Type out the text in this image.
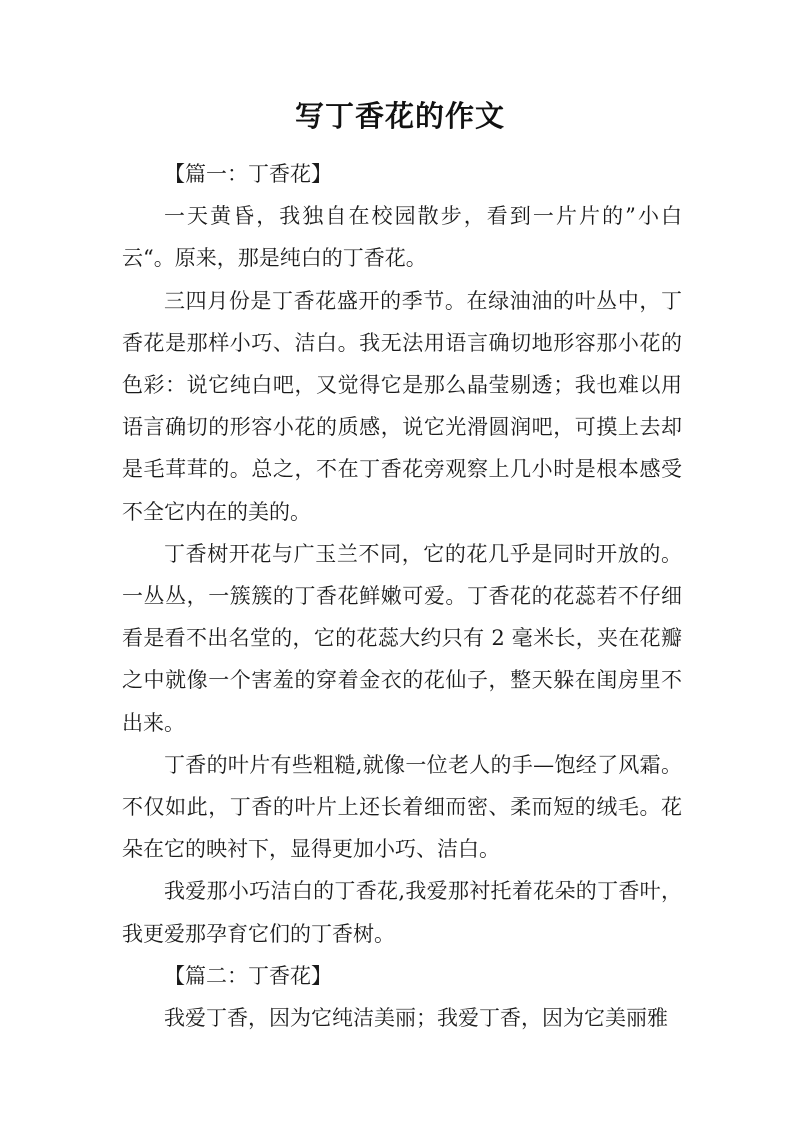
写丁香花的作文

【篇一：丁香花】

一天黄昏，我独自在校园散步，看到一片片的”小白云“。原来，那是纯白的丁香花。

三四月份是丁香花盛开的季节。在绿油油的叶丛中，丁香花是那样小巧、洁白。我无法用语言确切地形容那小花的色彩：说它纯白吧，又觉得它是那么晶莹剔透；我也难以用语言确切的形容小花的质感，说它光滑圆润吧，可摸上去却是毛茸茸的。总之，不在丁香花旁观察上几小时是根本感受不全它内在的美的。

丁香树开花与广玉兰不同，它的花几乎是同时开放的。一丛丛，一簇簇的丁香花鲜嫩可爱。丁香花的花蕊若不仔细看是看不出名堂的，它的花蕊大约只有 2 毫米长，夹在花瓣之中就像一个害羞的穿着金衣的花仙子，整天躲在闺房里不出来。

丁香的叶片有些粗糙,就像一位老人的手—饱经了风霜。不仅如此，丁香的叶片上还长着细而密、柔而短的绒毛。花朵在它的映衬下，显得更加小巧、洁白。

我爱那小巧洁白的丁香花,我爱那衬托着花朵的丁香叶，我更爱那孕育它们的丁香树。

【篇二：丁香花】

我爱丁香，因为它纯洁美丽；我爱丁香，因为它美丽雅
